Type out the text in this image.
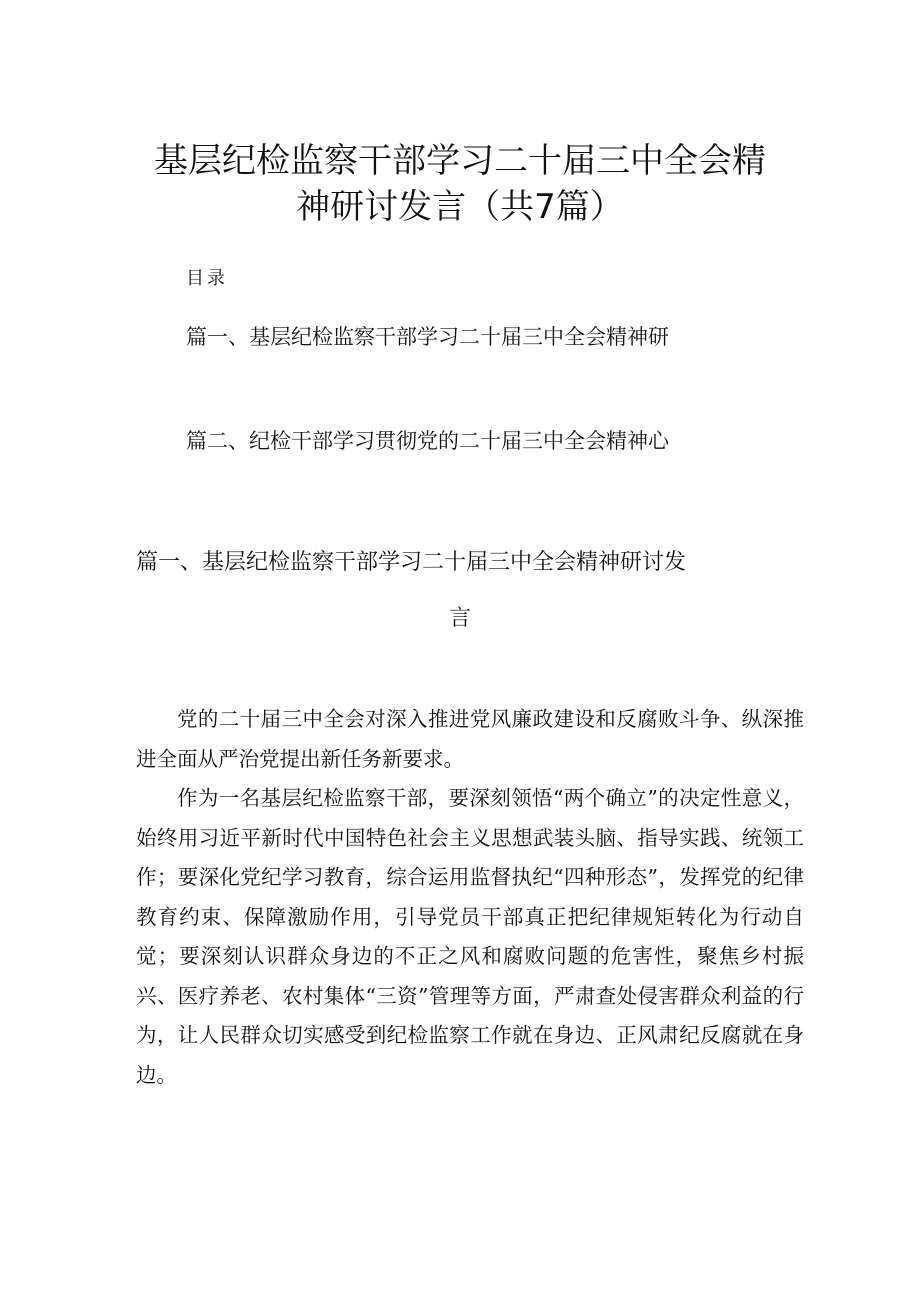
基层纪检监察干部学习二十届三中全会精
神研讨发言（共7篇）
目录
篇一、基层纪检监察干部学习二十届三中全会精神研
篇二、纪检干部学习贯彻党的二十届三中全会精神心
篇一、基层纪检监察干部学习二十届三中全会精神研讨发
言

党的二十届三中全会对深入推进党风廉政建设和反腐败斗争、纵深推进全面从严治党提出新任务新要求。

作为一名基层纪检监察干部，要深刻领悟“两个确立”的决定性意义，始终用习近平新时代中国特色社会主义思想武装头脑、指导实践、统领工作；要深化党纪学习教育，综合运用监督执纪“四种形态”，发挥党的纪律教育约束、保障激励作用，引导党员干部真正把纪律规矩转化为行动自觉；要深刻认识群众身边的不正之风和腐败问题的危害性，聚焦乡村振兴、医疗养老、农村集体“三资”管理等方面，严肃查处侵害群众利益的行为，让人民群众切实感受到纪检监察工作就在身边、正风肃纪反腐就在身边。
